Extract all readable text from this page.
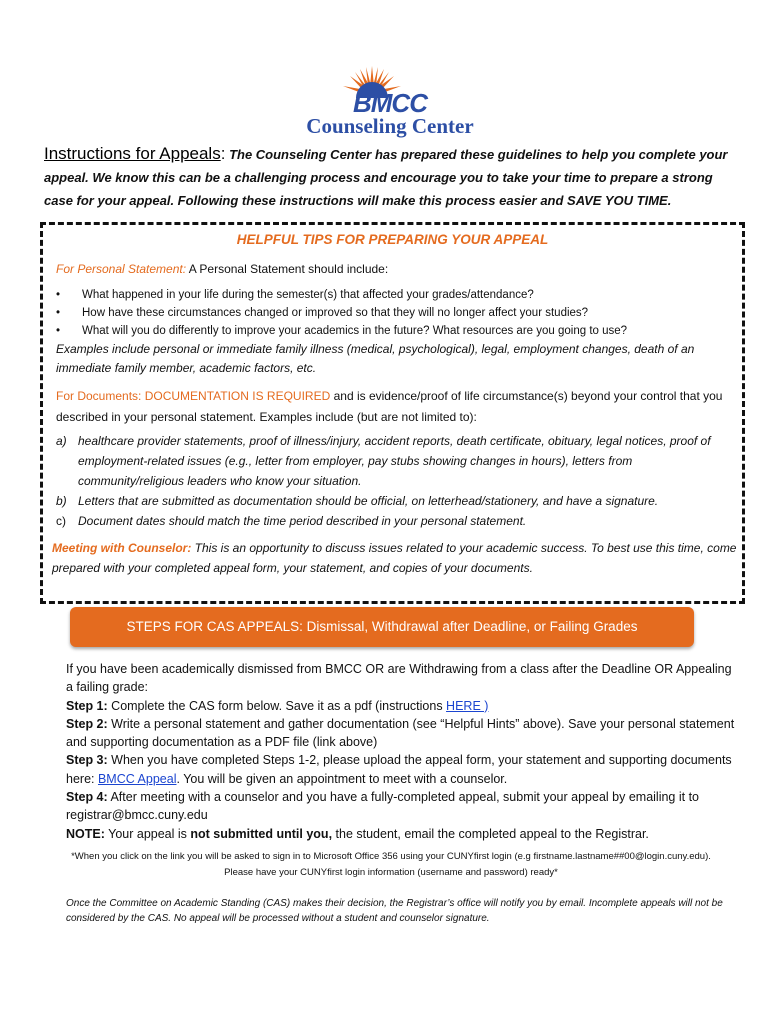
BMCC
Counseling Center
Instructions for Appeals: The Counseling Center has prepared these guidelines to help you complete your appeal. We know this can be a challenging process and encourage you to take your time to prepare a strong case for your appeal. Following these instructions will make this process easier and SAVE YOU TIME.
HELPFUL TIPS FOR PREPARING YOUR APPEAL
For Personal Statement: A Personal Statement should include:
• What happened in your life during the semester(s) that affected your grades/attendance?
• How have these circumstances changed or improved so that they will no longer affect your studies?
• What will you do differently to improve your academics in the future? What resources are you going to use?
Examples include personal or immediate family illness (medical, psychological), legal, employment changes, death of an immediate family member, academic factors, etc.
For Documents: DOCUMENTATION IS REQUIRED and is evidence/proof of life circumstance(s) beyond your control that you described in your personal statement. Examples include (but are not limited to):
a) healthcare provider statements, proof of illness/injury, accident reports, death certificate, obituary, legal notices, proof of employment-related issues (e.g., letter from employer, pay stubs showing changes in hours), letters from community/religious leaders who know your situation.
b) Letters that are submitted as documentation should be official, on letterhead/stationery, and have a signature.
c)	Document dates should match the time period described in your personal statement.
Meeting with Counselor: This is an opportunity to discuss issues related to your academic success. To best use this time, come prepared with your completed appeal form, your statement, and copies of your documents.
STEPS FOR CAS APPEALS: Dismissal, Withdrawal after Deadline, or Failing Grades

If you have been academically dismissed from BMCC OR are Withdrawing from a class after the Deadline OR Appealing a failing grade:

Step 1: Complete the CAS form below. Save it as a pdf (instructions HERE )

Step 2: Write a personal statement and gather documentation (see “Helpful Hints” above). Save your personal statement and supporting documentation as a PDF file (link above)

Step 3: When you have completed Steps 1-2, please upload the appeal form, your statement and supporting documents here: BMCC Appeal. You will be given an appointment to meet with a counselor.

Step 4: After meeting with a counselor and you have a fully-completed appeal, submit your appeal by emailing it to registrar@bmcc.cuny.edu

NOTE: Your appeal is not submitted until you, the student, email the completed appeal to the Registrar.

*When you click on the link you will be asked to sign in to Microsoft Office 356 using your CUNYfirst login (e.g firstname.lastname##00@login.cuny.edu). Please have your CUNYfirst login information (username and password) ready*
Once the Committee on Academic Standing (CAS) makes their decision, the Registrar’s office will notify you by email. Incomplete appeals will not be considered by the CAS. No appeal will be processed without a student and counselor signature.
